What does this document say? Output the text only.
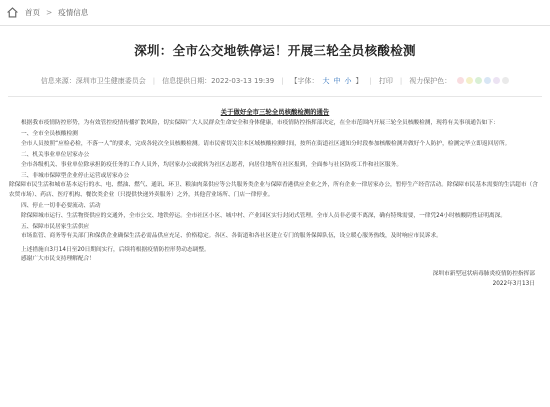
首页 > 疫情信息
深圳：全市公交地铁停运！开展三轮全员核酸检测
信息来源：深圳市卫生健康委员会 | 信息提供日期：2022-03-13 19:39 | 【字体： 大 中 小 】 | 打印 | 视力保护色：
关于做好全市三轮全员核酸检测的通告

根据我市疫情防控形势，为有效管控疫情传播扩散风险，切实保障广大人民群众生命安全和身体健康，市疫情防控指挥部决定，在全市范围内开展三轮全员核酸检测，现将有关事项通告如下：

一、全市全员核酸检测

全市人员按照“应检必检，不落一人”的要求，完成各轮次全员核酸检测。请市民密切关注本区域核酸检测时间，按所在街道社区通知分时段参加核酸检测并做好个人防护，检测完毕立即返回居所。

二、机关事业单位居家办公

全市各级机关、事业单位除承担防疫任务的工作人员外，均居家办公或就转为社区志愿者，向居住地所在社区报到，全面参与社区防疫工作和社区服务。

三、非城市保障型企业停止运营或居家办公

除保障市民生活和城市基本运行的水、电、燃油、燃气、通讯、环卫、粮油肉菜供应等公共服务类企业与保障香港供应企业之外，所有企业一律居家办公，暂停生产经营活动。除保障市民基本需要的生活超市（含农贸市场）、药店、医疗机构、餐饮类企业（只提供快递外卖服务）之外，其他营业场所、门店一律停业。

四、停止一切非必要流动、活动

除保障城市运行、生活物资供应的交通外，全市公交、地铁停运。全市社区小区、城中村、产业园区实行封闭式管理。全市人员非必要不离深，确有特殊需要，一律凭24小时核酸阴性证明离深。

五、保障市民居家生活供应

市场监管、商务等有关部门和保供企业确保生活必需品供应充足、价格稳定。各区、各街道和各社区建立专门的服务保障队伍，设立暖心服务热线，及时响应市民诉求。

上述措施自3月14日至20日期间实行，后续将根据疫情防控形势动态调整。

感谢广大市民支持理解配合！

深圳市新型冠状病毒肺炎疫情防控指挥部
2022年3月13日
